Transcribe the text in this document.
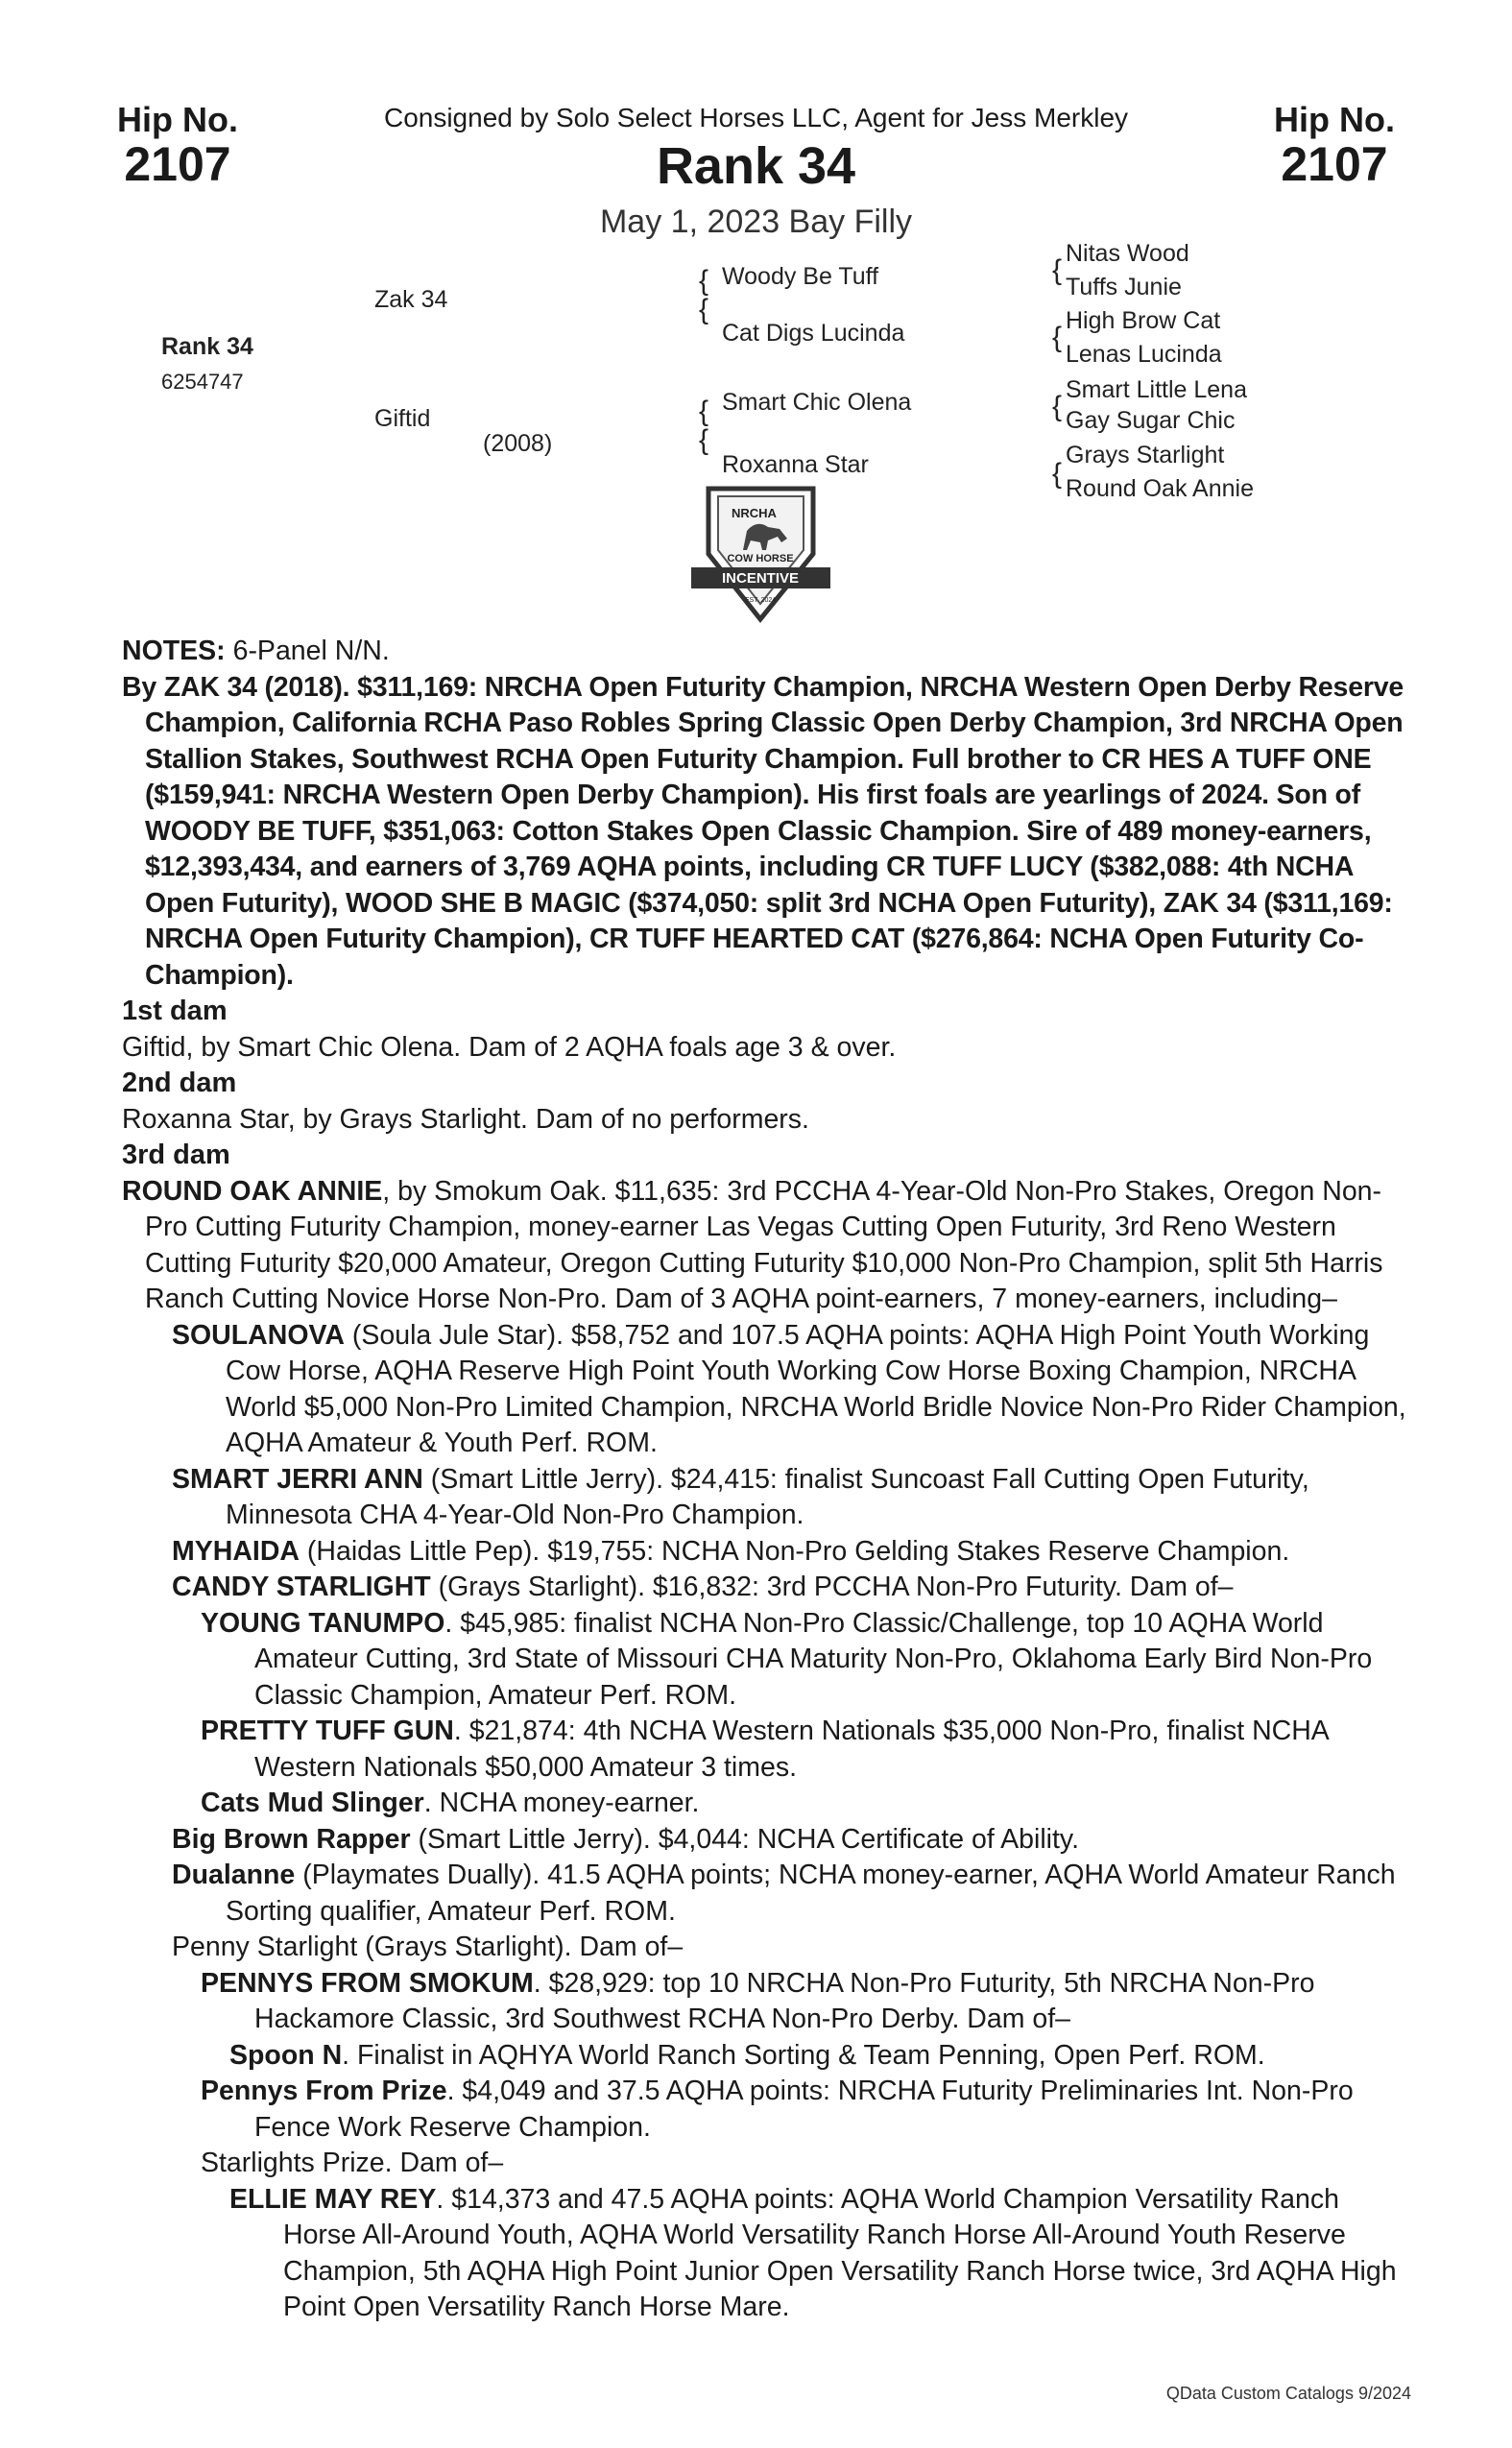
Hip No.
2107
Hip No.
2107
Consigned by Solo Select Horses LLC, Agent for Jess Merkley
Rank 34
May 1, 2023 Bay Filly
Rank 34
6254747
Zak 34
Giftid
(2008)
{
{
Woody Be Tuff
Cat Digs Lucinda
{
{
Smart Chic Olena
Roxanna Star
{
Nitas Wood
Tuffs Junie
{
High Brow Cat
Lenas Lucinda
{
Smart Little Lena
Gay Sugar Chic
{
Grays Starlight
Round Oak Annie
NRCHA
COW HORSE
INCENTIVE
EST. 2024

NOTES: 6-Panel N/N.

By ZAK 34 (2018). $311,169: NRCHA Open Futurity Champion, NRCHA Western Open Derby Reserve Champion, California RCHA Paso Robles Spring Classic Open Derby Champion, 3rd NRCHA Open Stallion Stakes, Southwest RCHA Open Futurity Champion. Full brother to CR HES A TUFF ONE ($159,941: NRCHA Western Open Derby Champion). His first foals are yearlings of 2024. Son of WOODY BE TUFF, $351,063: Cotton Stakes Open Classic Champion. Sire of 489 money-earners, $12,393,434, and earners of 3,769 AQHA points, including CR TUFF LUCY ($382,088: 4th NCHA Open Futurity), WOOD SHE B MAGIC ($374,050: split 3rd NCHA Open Futurity), ZAK 34 ($311,169: NRCHA Open Futurity Champion), CR TUFF HEARTED CAT ($276,864: NCHA Open Futurity Co-Champion).

1st dam

Giftid, by Smart Chic Olena. Dam of 2 AQHA foals age 3 & over.

2nd dam

Roxanna Star, by Grays Starlight. Dam of no performers.

3rd dam

ROUND OAK ANNIE, by Smokum Oak. $11,635: 3rd PCCHA 4-Year-Old Non-Pro Stakes, Oregon Non-Pro Cutting Futurity Champion, money-earner Las Vegas Cutting Open Futurity, 3rd Reno Western Cutting Futurity $20,000 Amateur, Oregon Cutting Futurity $10,000 Non-Pro Champion, split 5th Harris Ranch Cutting Novice Horse Non-Pro. Dam of 3 AQHA point-earners, 7 money-earners, including–

SOULANOVA (Soula Jule Star). $58,752 and 107.5 AQHA points: AQHA High Point Youth Working Cow Horse, AQHA Reserve High Point Youth Working Cow Horse Boxing Champion, NRCHA World $5,000 Non-Pro Limited Champion, NRCHA World Bridle Novice Non-Pro Rider Champion, AQHA Amateur & Youth Perf. ROM.

SMART JERRI ANN (Smart Little Jerry). $24,415: finalist Suncoast Fall Cutting Open Futurity, Minnesota CHA 4-Year-Old Non-Pro Champion.

MYHAIDA (Haidas Little Pep). $19,755: NCHA Non-Pro Gelding Stakes Reserve Champion.

CANDY STARLIGHT (Grays Starlight). $16,832: 3rd PCCHA Non-Pro Futurity. Dam of–

YOUNG TANUMPO. $45,985: finalist NCHA Non-Pro Classic/Challenge, top 10 AQHA World Amateur Cutting, 3rd State of Missouri CHA Maturity Non-Pro, Oklahoma Early Bird Non-Pro Classic Champion, Amateur Perf. ROM.

PRETTY TUFF GUN. $21,874: 4th NCHA Western Nationals $35,000 Non-Pro, finalist NCHA Western Nationals $50,000 Amateur 3 times.

Cats Mud Slinger. NCHA money-earner.

Big Brown Rapper (Smart Little Jerry). $4,044: NCHA Certificate of Ability.

Dualanne (Playmates Dually). 41.5 AQHA points; NCHA money-earner, AQHA World Amateur Ranch Sorting qualifier, Amateur Perf. ROM.

Penny Starlight (Grays Starlight). Dam of–

PENNYS FROM SMOKUM. $28,929: top 10 NRCHA Non-Pro Futurity, 5th NRCHA Non-Pro Hackamore Classic, 3rd Southwest RCHA Non-Pro Derby. Dam of–

Spoon N. Finalist in AQHYA World Ranch Sorting & Team Penning, Open Perf. ROM.

Pennys From Prize. $4,049 and 37.5 AQHA points: NRCHA Futurity Preliminaries Int. Non-Pro Fence Work Reserve Champion.

Starlights Prize. Dam of–

ELLIE MAY REY. $14,373 and 47.5 AQHA points: AQHA World Champion Versatility Ranch Horse All-Around Youth, AQHA World Versatility Ranch Horse All-Around Youth Reserve Champion, 5th AQHA High Point Junior Open Versatility Ranch Horse twice, 3rd AQHA High Point Open Versatility Ranch Horse Mare.

QData Custom Catalogs 9/2024
